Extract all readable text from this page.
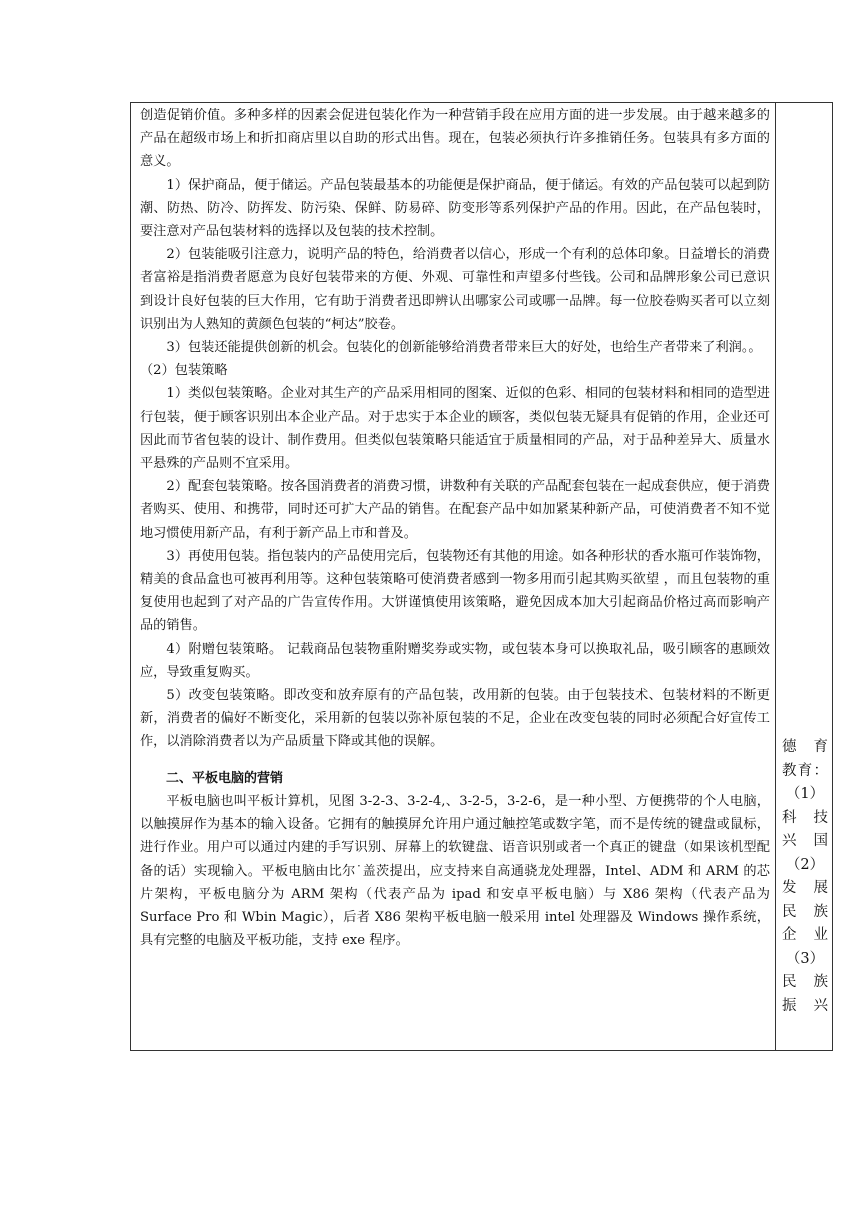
创造促销价值。多种多样的因素会促进包装化作为一种营销手段在应用方面的进一步发展。由于越来越多的产品在超级市场上和折扣商店里以自助的形式出售。现在，包装必须执行许多推销任务。包装具有多方面的意义。

1）保护商品，便于储运。产品包装最基本的功能便是保护商品，便于储运。有效的产品包装可以起到防潮、防热、防冷、防挥发、防污染、保鲜、防易碎、防变形等系列保护产品的作用。因此，在产品包装时，要注意对产品包装材料的选择以及包装的技术控制。

2）包装能吸引注意力，说明产品的特色，给消费者以信心，形成一个有利的总体印象。日益增长的消费者富裕是指消费者愿意为良好包装带来的方便、外观、可靠性和声望多付些钱。公司和品牌形象公司已意识到设计良好包装的巨大作用，它有助于消费者迅即辨认出哪家公司或哪一品牌。每一位胶卷购买者可以立刻识别出为人熟知的黄颜色包装的“柯达”胶卷。

3）包装还能提供创新的机会。包装化的创新能够给消费者带来巨大的好处，也给生产者带来了利润。。

（2）包装策略

1）类似包装策略。企业对其生产的产品采用相同的图案、近似的色彩、相同的包装材料和相同的造型进行包装，便于顾客识别出本企业产品。对于忠实于本企业的顾客，类似包装无疑具有促销的作用，企业还可因此而节省包装的设计、制作费用。但类似包装策略只能适宜于质量相同的产品，对于品种差异大、质量水平悬殊的产品则不宜采用。

2）配套包装策略。按各国消费者的消费习惯，讲数种有关联的产品配套包装在一起成套供应，便于消费者购买、使用、和携带，同时还可扩大产品的销售。在配套产品中如加紧某种新产品，可使消费者不知不觉地习惯使用新产品，有利于新产品上市和普及。

3）再使用包装。指包装内的产品使用完后，包装物还有其他的用途。如各种形状的香水瓶可作装饰物，精美的食品盒也可被再利用等。这种包装策略可使消费者感到一物多用而引起其购买欲望 ，而且包装物的重复使用也起到了对产品的广告宣传作用。大饼谨慎使用该策略，避免因成本加大引起商品价格过高而影响产品的销售。

4）附赠包装策略。 记载商品包装物重附赠奖券或实物，或包装本身可以换取礼品，吸引顾客的惠顾效应，导致重复购买。

5）改变包装策略。即改变和放弃原有的产品包装，改用新的包装。由于包装技术、包装材料的不断更新，消费者的偏好不断变化，采用新的包装以弥补原包装的不足，企业在改变包装的同时必须配合好宣传工作，以消除消费者以为产品质量下降或其他的误解。

二、平板电脑的营销

平板电脑也叫平板计算机，见图 3-2-3、3-2-4,、3-2-5，3-2-6，是一种小型、方便携带的个人电脑，以触摸屏作为基本的输入设备。它拥有的触摸屏允许用户通过触控笔或数字笔，而不是传统的键盘或鼠标，进行作业。用户可以通过内建的手写识别、屏幕上的软键盘、语音识别或者一个真正的键盘（如果该机型配备的话）实现输入。平板电脑由比尔˙盖茨提出，应支持来自高通骁龙处理器，Intel、ADM 和 ARM 的芯片架构，平板电脑分为 ARM 架构（代表产品为 ipad 和安卓平板电脑）与 X86 架构（代表产品为 Surface Pro 和 Wbin Magic），后者 X86 架构平板电脑一般采用 intel 处理器及 Windows 操作系统，具有完整的电脑及平板功能，支持 exe 程序。

德 育

教育：

（1）

科 技

兴国

（2）

发 展

民 族

企业

（3）

民 族

振兴
